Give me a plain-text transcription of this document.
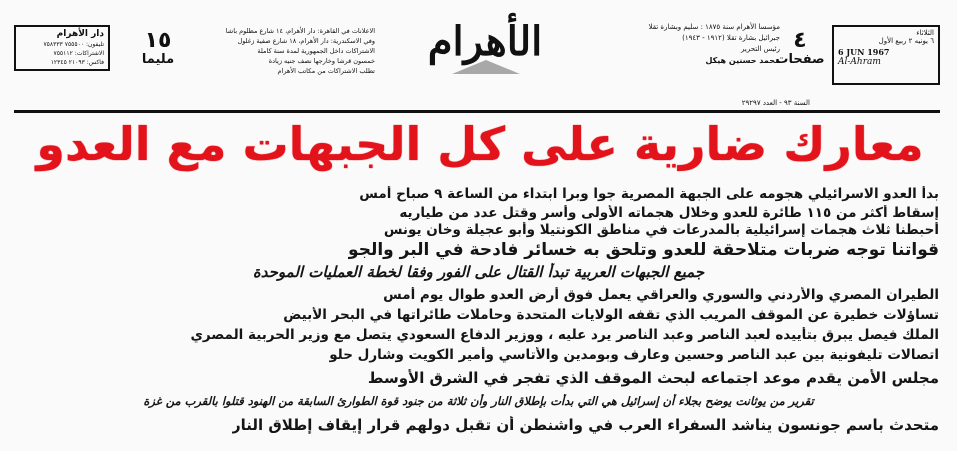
دار الأهرام
تليفون: ٧٥٥٥٠٠ ٧٥٨٣٣٣
الاشتراكات: ٧٥٥١١٢
فاكس: ٢١٠٩٣ ١٢٣٤٥
١٥
مليما
الاعلانات في القاهرة: دار الأهرام، ١٤ شارع مظلوم باشا
وفي الاسكندرية: دار الأهرام، ١٨ شارع صفية زغلول
الاشتراكات داخل الجمهورية لمدة سنة كاملة
خمسون قرشا وخارجها نصف جنيه زيادة
تطلب الاشتراكات من مكاتب الأهرام
الأهرام	مؤسسا الأهرام سنة ١٨٧٥ : سليم وبشارة تقلا
جبرائيل بشارة تقلا (١٩١٢ - ١٩٤٣)
رئيس التحرير
محمد حسنين هيكل
٤
صفحات
الثلاثاء
٦ يونيه ٢ ربيع الأول
6 JUN 1967
Al-Ahram
السنة ٩٣ - العدد ٢٩٢٩٧
معارك ضارية على كل الجبهات مع العدو
بدأ العدو الاسرائيلي هجومه على الجبهة المصرية جوا وبرا ابتداء من الساعة ٩ صباح أمس
إسقاط أكثر من ١١٥ طائرة للعدو وخلال هجماته الأولى وأسر وقتل عدد من طياريه
أحبطنا ثلاث هجمات إسرائيلية بالمدرعات في مناطق الكونتيلا وأبو عجيلة وخان يونس
قواتنا توجه ضربات متلاحقة للعدو وتلحق به خسائر فادحة في البر والجو
جميع الجبهات العربية تبدأ القتال على الفور وفقا لخطة العمليات الموحدة
الطيران المصري والأردني والسوري والعراقي يعمل فوق أرض العدو طوال يوم أمس
تساؤلات خطيرة عن الموقف المريب الذي تقفه الولايات المتحدة وحاملات طائراتها في البحر الأبيض
الملك فيصل يبرق بتأييده لعبد الناصر وعبد الناصر يرد عليه ، ووزير الدفاع السعودي يتصل مع وزير الحربية المصري
اتصالات تليفونية بين عبد الناصر وحسين وعارف وبومدين والأتاسي وأمير الكويت وشارل حلو
مجلس الأمن يقدم موعد اجتماعه لبحث الموقف الذي تفجر في الشرق الأوسط
تقرير من يوثانت يوضح بجلاء أن إسرائيل هي التي بدأت بإطلاق النار وأن ثلاثة من جنود قوة الطوارئ السابقة من الهنود قتلوا بالقرب من غزة
متحدث باسم جونسون يناشد السفراء العرب في واشنطن أن تقبل دولهم قرار إيقاف إطلاق النار
